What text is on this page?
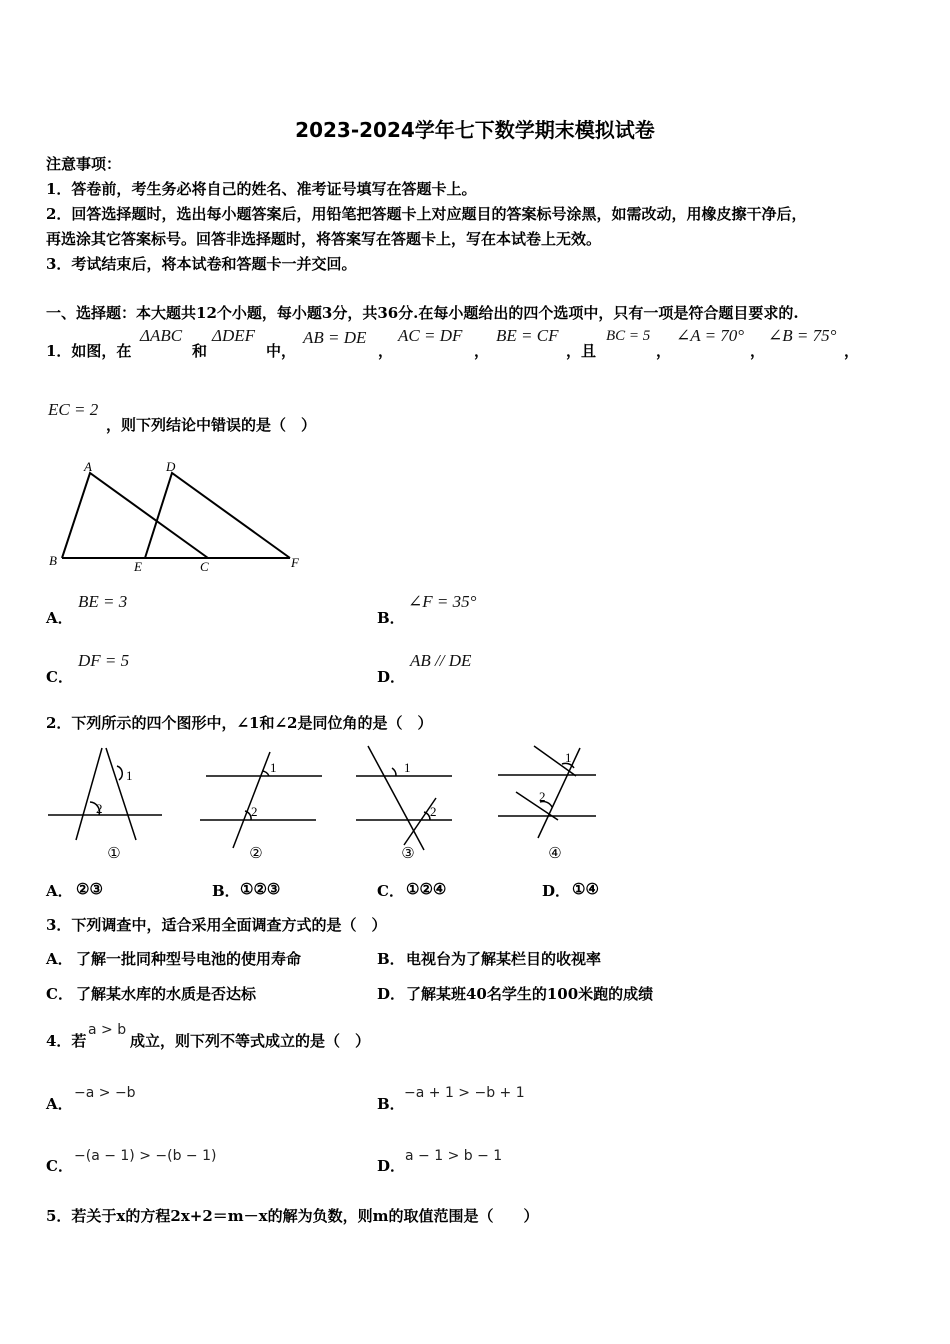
2023-2024学年七下数学期末模拟试卷
注意事项：
1．答卷前，考生务必将自己的姓名、准考证号填写在答题卡上。
2．回答选择题时，选出每小题答案后，用铅笔把答题卡上对应题目的答案标号涂黑，如需改动，用橡皮擦干净后，
再选涂其它答案标号。回答非选择题时，将答案写在答题卡上，写在本试卷上无效。
3．考试结束后，将本试卷和答题卡一并交回。
一、选择题：本大题共12个小题，每小题3分，共36分.在每小题给出的四个选项中，只有一项是符合题目要求的.
1．如图，在
ΔABC
和
ΔDEF
中，
AB = DE
，
AC = DF
，
BE = CF
，且
BC = 5
，
∠A = 70°
，
∠B = 75°
，
EC = 2
，则下列结论中错误的是（　）
A
B	C
D
E	F
A．
BE = 3
B．
∠F = 35°
C．
DF = 5
D．
AB // DE
2．下列所示的四个图形中，∠1和∠2是同位角的是（　）
1
2
1
2
1
2
1
2
①	②	③	④
A． ②③	B． ①②③	C． ①②④	D． ①④
3．下列调查中，适合采用全面调查方式的是（　）
A． 了解一批同种型号电池的使用寿命	B． 电视台为了解某栏目的收视率
C． 了解某水库的水质是否达标	D． 了解某班40名学生的100米跑的成绩
4．若
a > b
成立，则下列不等式成立的是（　）
A．
−a > −b
B．
−a + 1 > −b + 1
C．
−(a − 1) > −(b − 1)
D．
a − 1 > b − 1
5．若关于x的方程2x+2＝m－x的解为负数，则m的取值范围是（　　）
